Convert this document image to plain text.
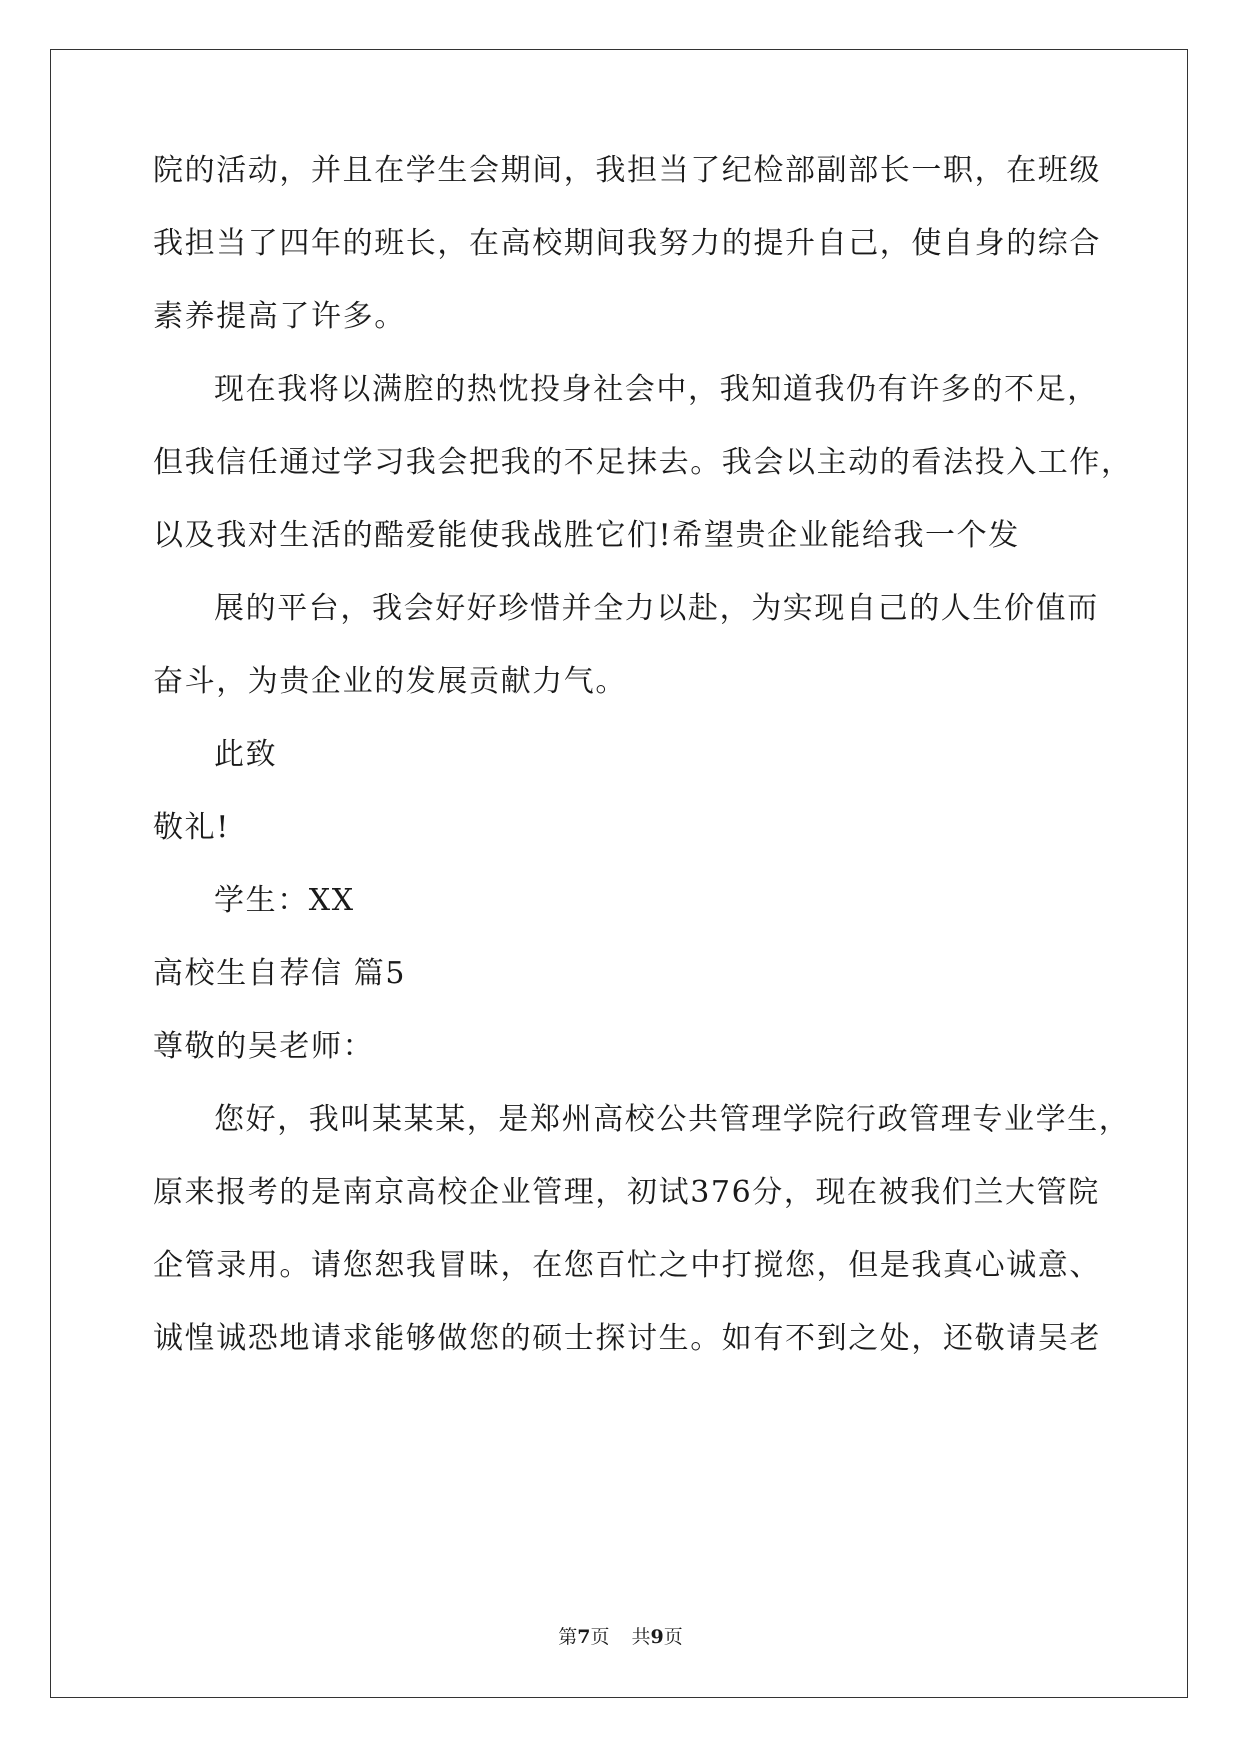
院的活动，并且在学生会期间，我担当了纪检部副部长一职，在班级
我担当了四年的班长，在高校期间我努力的提升自己，使自身的综合
素养提高了许多。
现在我将以满腔的热忱投身社会中，我知道我仍有许多的不足，
但我信任通过学习我会把我的不足抹去。我会以主动的看法投入工作，
以及我对生活的酷爱能使我战胜它们!希望贵企业能给我一个发
展的平台，我会好好珍惜并全力以赴，为实现自己的人生价值而
奋斗，为贵企业的发展贡献力气。
此致
敬礼!
学生：XX
高校生自荐信 篇5
尊敬的吴老师：
您好，我叫某某某，是郑州高校公共管理学院行政管理专业学生，
原来报考的是南京高校企业管理，初试376分，现在被我们兰大管院
企管录用。请您恕我冒昧，在您百忙之中打搅您，但是我真心诚意、
诚惶诚恐地请求能够做您的硕士探讨生。如有不到之处，还敬请吴老
第7页 共9页
